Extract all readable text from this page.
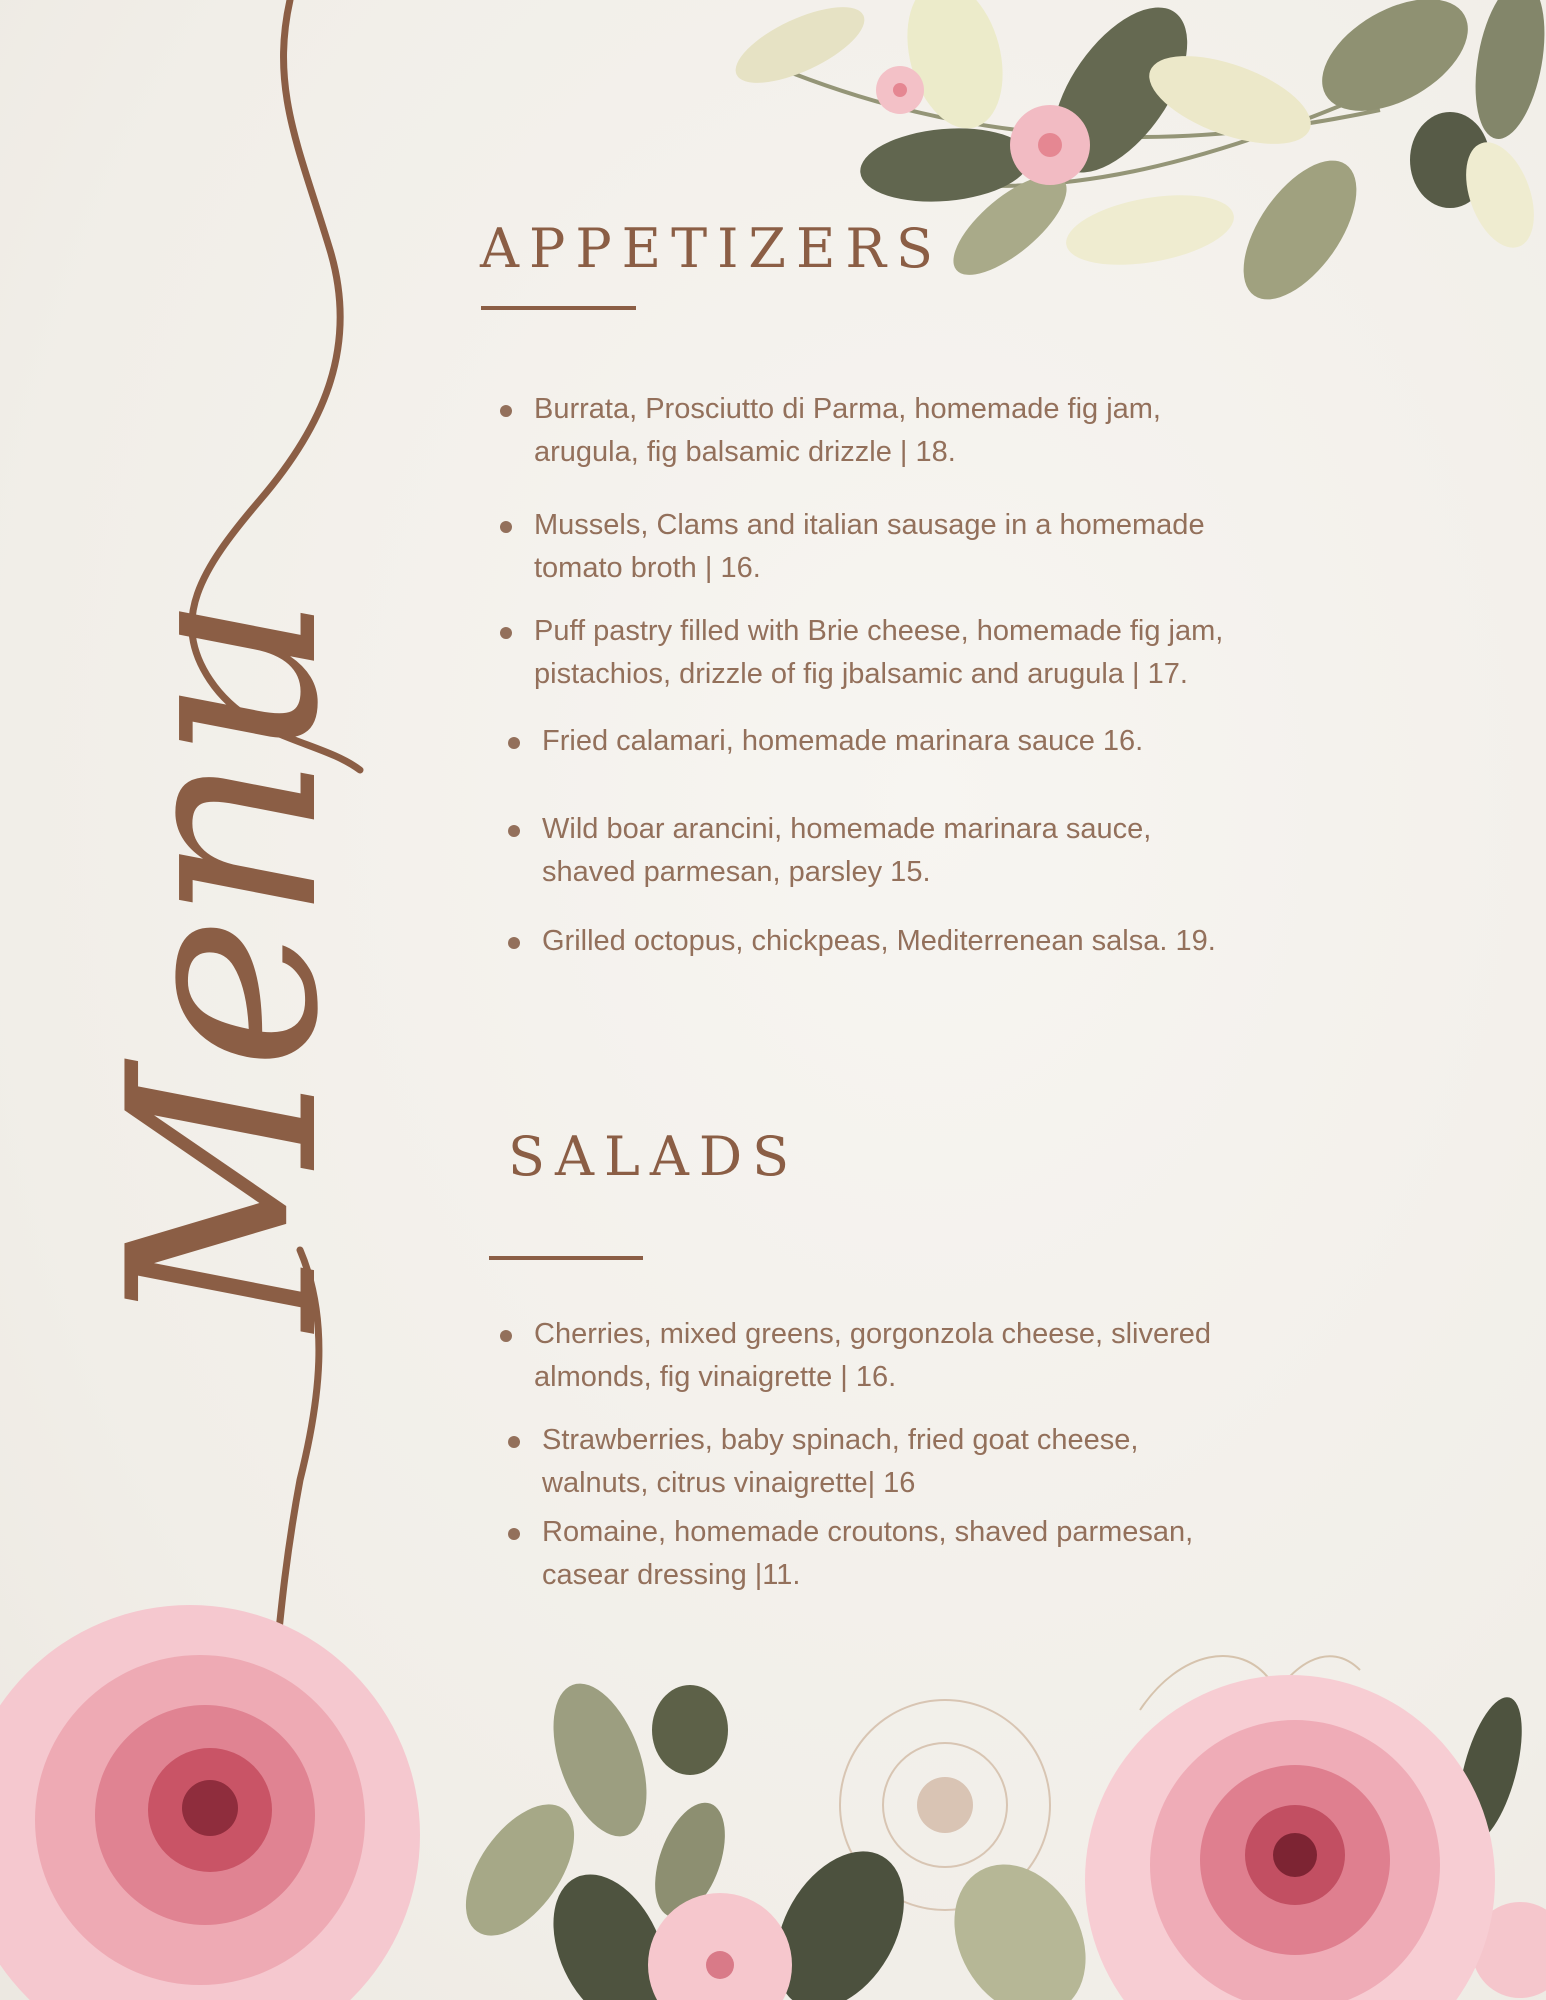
Menu
APPETIZERS
Burrata, Prosciutto di Parma, homemade fig jam,
arugula, fig balsamic drizzle | 18.
Mussels, Clams and italian sausage in a homemade
tomato broth | 16.
Puff pastry filled with Brie cheese, homemade fig jam,
pistachios, drizzle of fig jbalsamic and arugula | 17.
Fried calamari, homemade marinara sauce 16.
Wild boar arancini, homemade marinara sauce,
shaved parmesan, parsley 15.
Grilled octopus, chickpeas, Mediterrenean salsa. 19.
SALADS
Cherries, mixed greens, gorgonzola cheese, slivered
almonds, fig vinaigrette | 16.
Strawberries, baby spinach, fried goat cheese,
walnuts, citrus vinaigrette| 16
Romaine, homemade croutons, shaved parmesan,
casear dressing |11.
